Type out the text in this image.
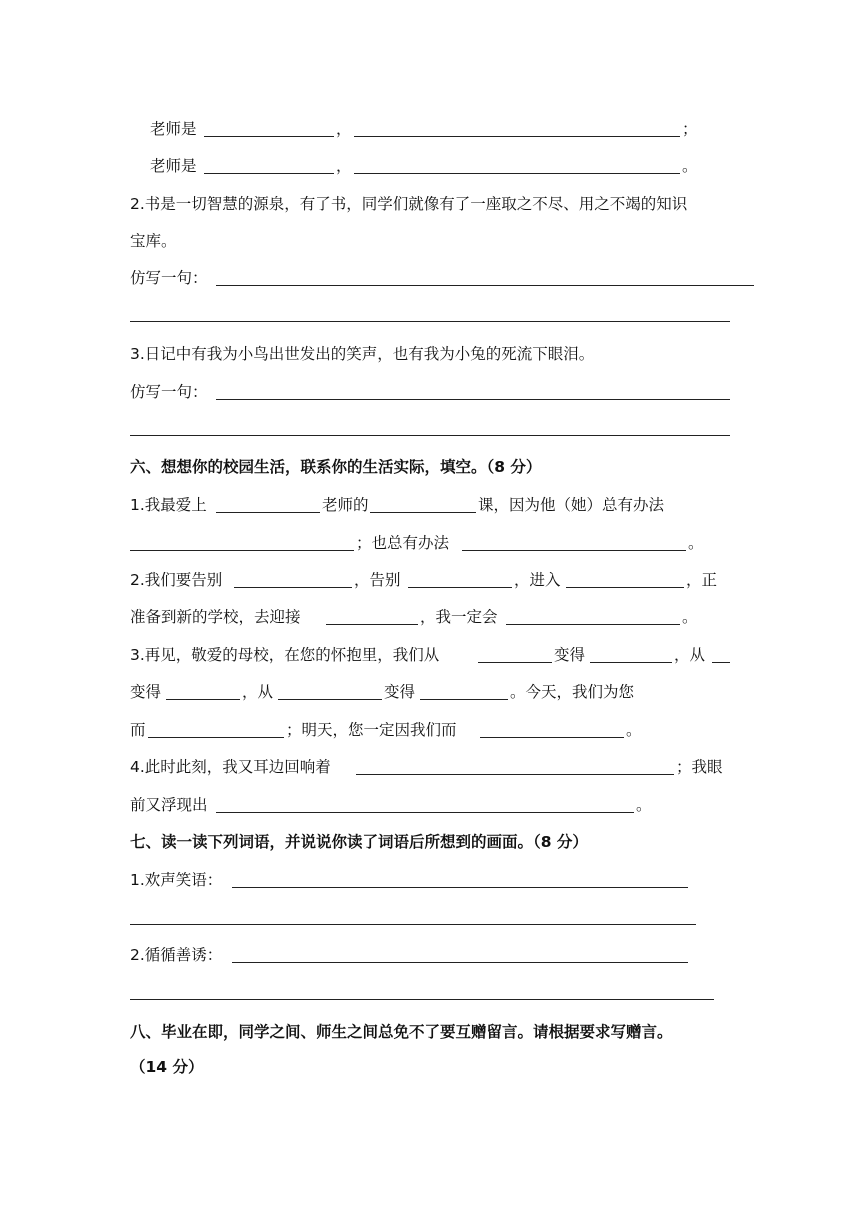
老师是	，	；
老师是	，	。
2.书是一切智慧的源泉，有了书，同学们就像有了一座取之不尽、用之不竭的知识
宝库。
仿写一句：
3.日记中有我为小鸟出世发出的笑声，也有我为小兔的死流下眼泪。
仿写一句：
六、想想你的校园生活，联系你的生活实际，填空。（8 分）
1.我最爱上	老师的	课，因为他（她）总有办法
；也总有办法	。
2.我们要告别	，告别	，进入	，正
准备到新的学校，去迎接	，我一定会	。
3.再见，敬爱的母校，在您的怀抱里，我们从	变得	，从
变得	，从	变得	。今天，我们为您
而	；明天，您一定因我们而	。
4.此时此刻，我又耳边回响着	；我眼
前又浮现出	。
七、读一读下列词语，并说说你读了词语后所想到的画面。（8 分）
1.欢声笑语：
2.循循善诱：
八、毕业在即，同学之间、师生之间总免不了要互赠留言。请根据要求写赠言。
（14 分）
